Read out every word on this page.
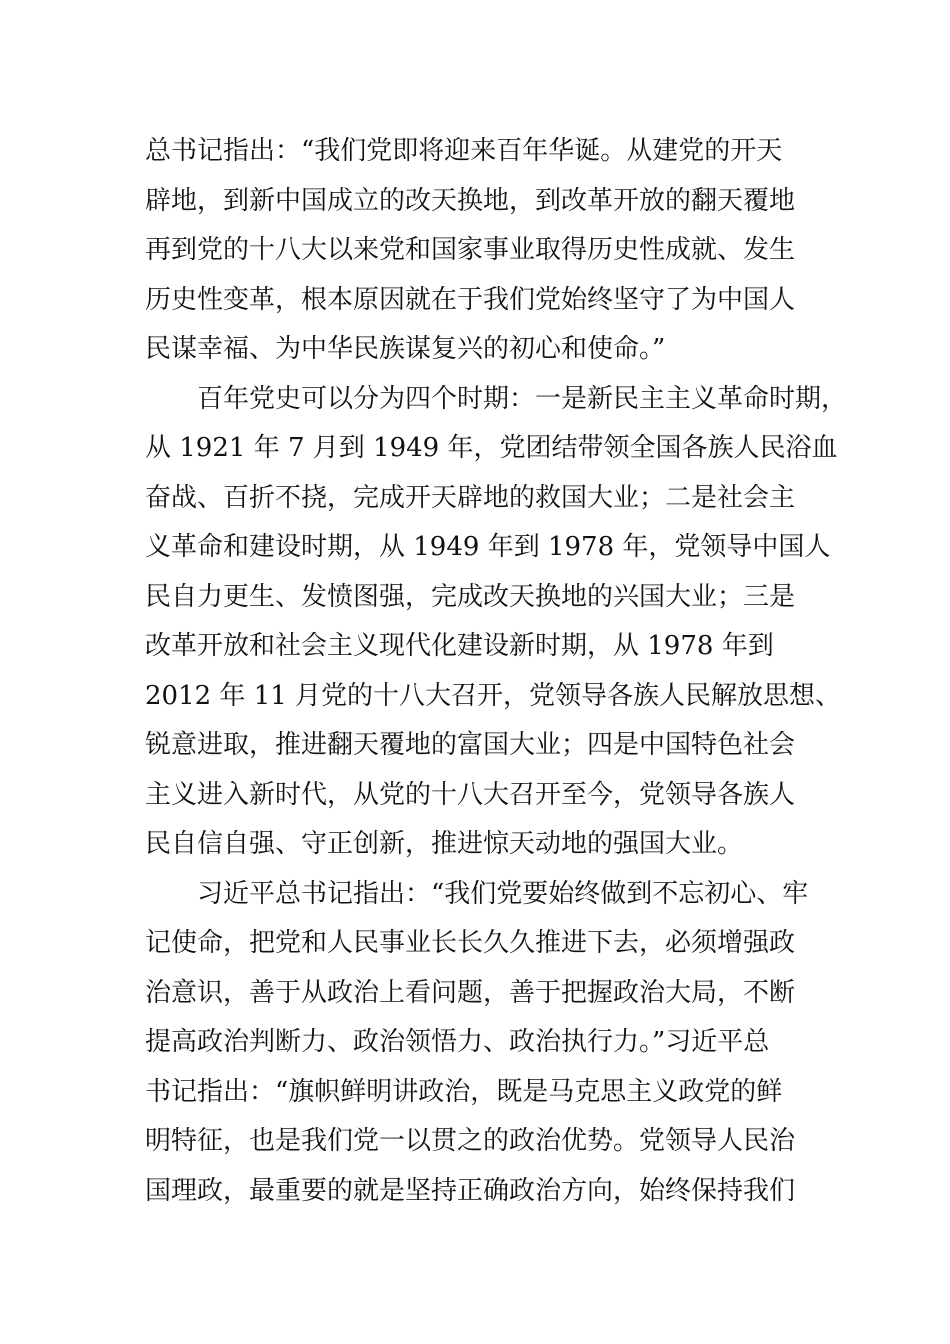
总书记指出：“我们党即将迎来百年华诞。从建党的开天
辟地，到新中国成立的改天换地，到改革开放的翻天覆地
再到党的十八大以来党和国家事业取得历史性成就、发生
历史性变革，根本原因就在于我们党始终坚守了为中国人
民谋幸福、为中华民族谋复兴的初心和使命。”
　　百年党史可以分为四个时期：一是新民主主义革命时期，
从 1921 年 7 月到 1949 年，党团结带领全国各族人民浴血
奋战、百折不挠，完成开天辟地的救国大业；二是社会主
义革命和建设时期，从 1949 年到 1978 年，党领导中国人
民自力更生、发愤图强，完成改天换地的兴国大业；三是
改革开放和社会主义现代化建设新时期，从 1978 年到
2012 年 11 月党的十八大召开，党领导各族人民解放思想、
锐意进取，推进翻天覆地的富国大业；四是中国特色社会
主义进入新时代，从党的十八大召开至今，党领导各族人
民自信自强、守正创新，推进惊天动地的强国大业。
　　习近平总书记指出：“我们党要始终做到不忘初心、牢
记使命，把党和人民事业长长久久推进下去，必须增强政
治意识，善于从政治上看问题，善于把握政治大局，不断
提高政治判断力、政治领悟力、政治执行力。”习近平总
书记指出：“旗帜鲜明讲政治，既是马克思主义政党的鲜
明特征，也是我们党一以贯之的政治优势。党领导人民治
国理政，最重要的就是坚持正确政治方向，始终保持我们
